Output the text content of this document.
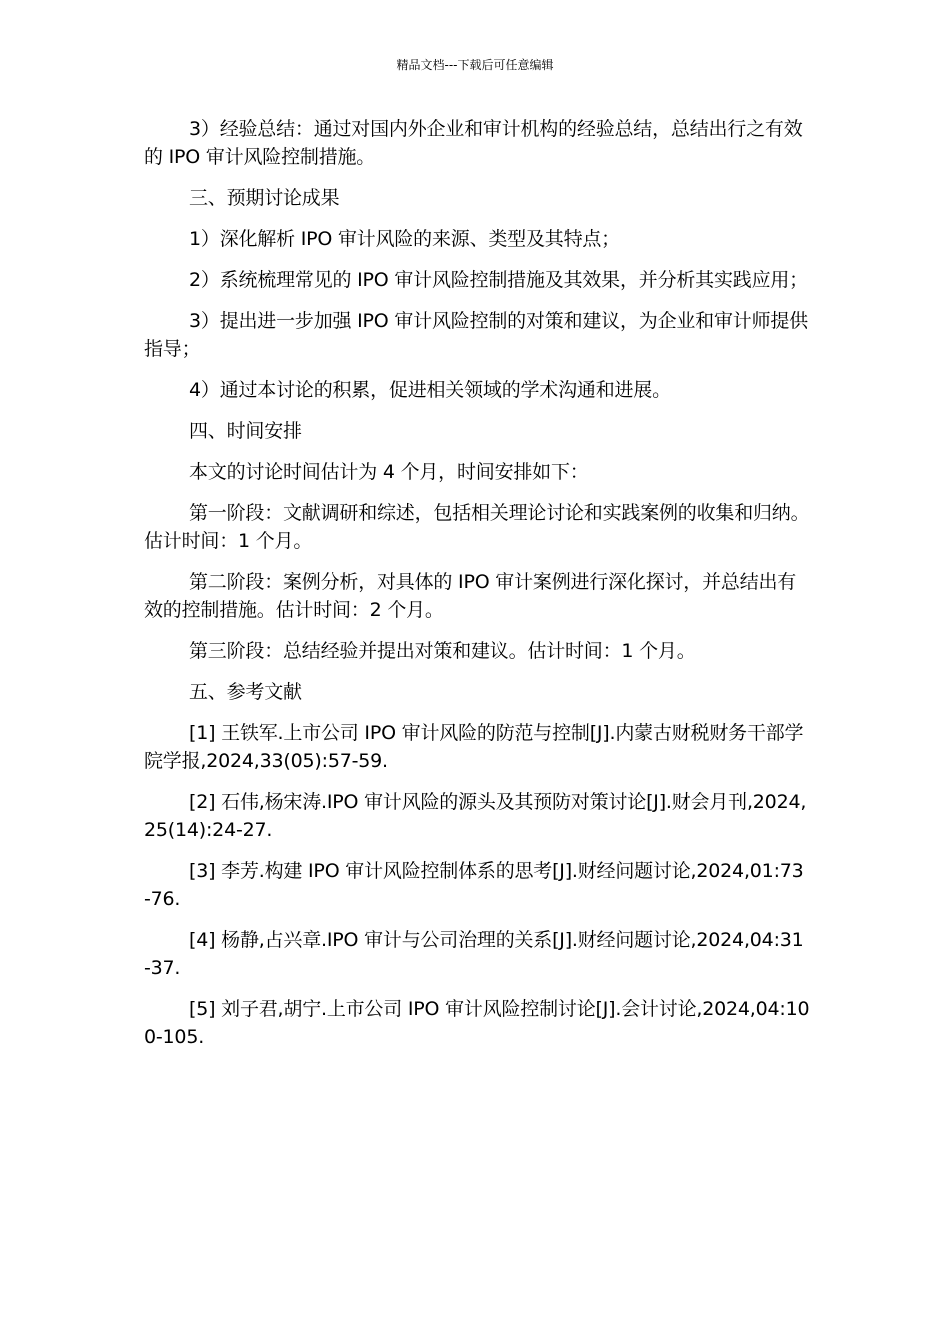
精品文档---下载后可任意编辑

3）经验总结：通过对国内外企业和审计机构的经验总结，总结出行之有效的 IPO 审计风险控制措施。

三、预期讨论成果

1）深化解析 IPO 审计风险的来源、类型及其特点；

2）系统梳理常见的 IPO 审计风险控制措施及其效果，并分析其实践应用；

3）提出进一步加强 IPO 审计风险控制的对策和建议，为企业和审计师提供指导；

4）通过本讨论的积累，促进相关领域的学术沟通和进展。

四、时间安排

本文的讨论时间估计为 4 个月，时间安排如下：

第一阶段：文献调研和综述，包括相关理论讨论和实践案例的收集和归纳。估计时间：1 个月。

第二阶段：案例分析，对具体的 IPO 审计案例进行深化探讨，并总结出有效的控制措施。估计时间：2 个月。

第三阶段：总结经验并提出对策和建议。估计时间：1 个月。

五、参考文献

[1] 王铁军.上市公司 IPO 审计风险的防范与控制[J].内蒙古财税财务干部学院学报,2024,33(05):57-59.

[2] 石伟,杨宋涛.IPO 审计风险的源头及其预防对策讨论[J].财会月刊,2024,25(14):24-27.

[3] 李芳.构建 IPO 审计风险控制体系的思考[J].财经问题讨论,2024,01:73-76.

[4] 杨静,占兴章.IPO 审计与公司治理的关系[J].财经问题讨论,2024,04:31-37.

[5] 刘子君,胡宁.上市公司 IPO 审计风险控制讨论[J].会计讨论,2024,04:100-105.
